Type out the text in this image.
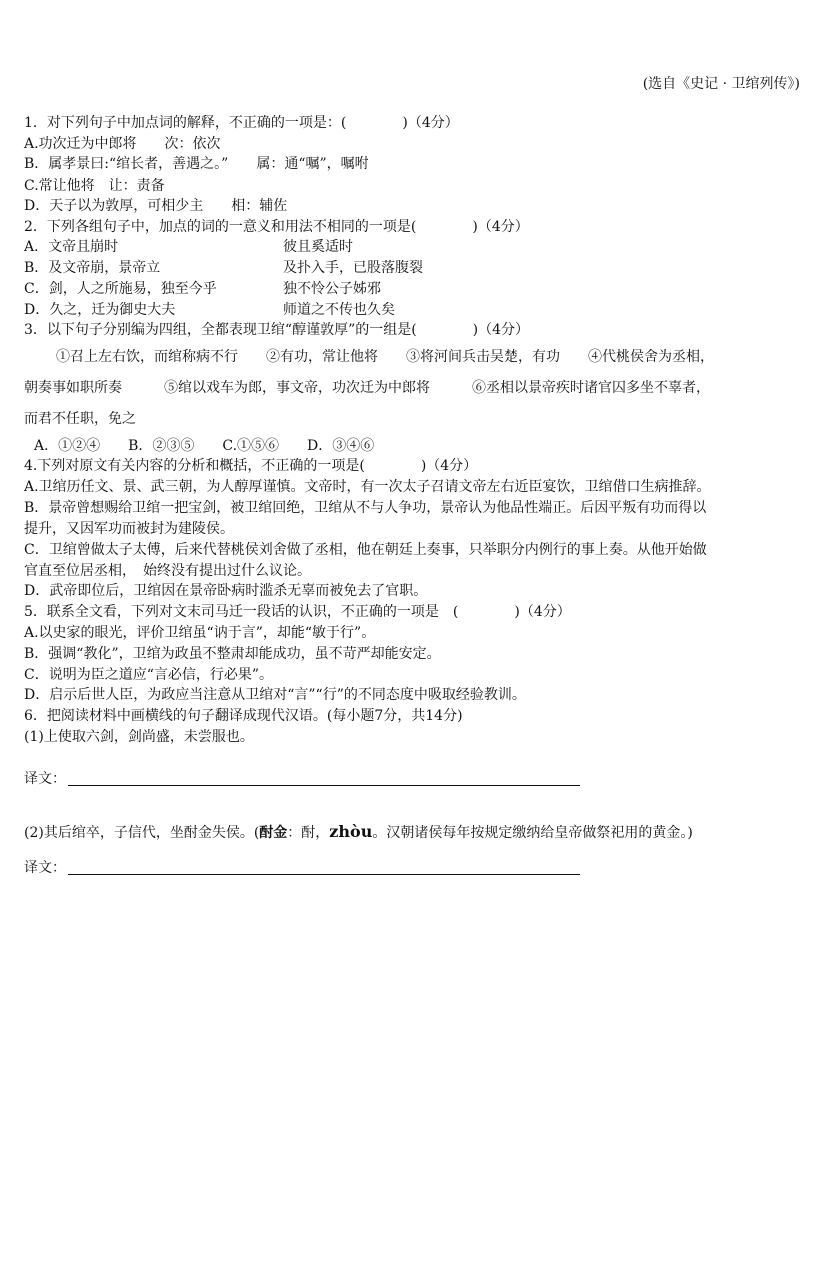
(选自《史记 · 卫绾列传》)
1．对下列句子中加点词的解释，不正确的一项是：(　　　　)（4分）
A.功次迁为中郎将　　次：依次
B．属孝景曰:“绾长者，善遇之。”　　属：通“嘱”，嘱咐
C.常让他将　让：责备
D．天子以为敦厚，可相少主　　相：辅佐
2．下列各组句子中，加点的词的一意义和用法不相同的一项是(　　　　)（4分）
A．文帝且崩时	彼且奚适时
B．及文帝崩，景帝立	及扑入手，已股落腹裂
C．剑，人之所施易，独至今乎	独不怜公子姊邪
D．久之，迁为御史大夫	师道之不传也久矣
3．以下句子分别编为四组，全都表现卫绾“醇谨敦厚”的一组是(　　　　)（4分）
①召上左右饮，而绾称病不行　　②有功，常让他将　　③将河间兵击吴楚，有功　　④代桃侯舍为丞相，
朝奏事如职所奏　　　⑤绾以戏车为郎，事文帝，功次迁为中郎将　　　⑥丞相以景帝疾时诸官囚多坐不辜者，
而君不任职，免之
A．①②④　　B．②③⑤　　C.①⑤⑥　　D．③④⑥
4.下列对原文有关内容的分析和概括，不正确的一项是(　　　　)（4分）
A.卫绾历任文、景、武三朝，为人醇厚谨慎。文帝时，有一次太子召请文帝左右近臣宴饮，卫绾借口生病推辞。
B．景帝曾想赐给卫绾一把宝剑，被卫绾回绝，卫绾从不与人争功，景帝认为他品性端正。后因平叛有功而得以
提升，又因军功而被封为建陵侯。
C．卫绾曾做太子太傅，后来代替桃侯刘舍做了丞相，他在朝廷上奏事，只举职分内例行的事上奏。从他开始做
官直至位居丞相，　始终没有提出过什么议论。
D．武帝即位后，卫绾因在景帝卧病时滥杀无辜而被免去了官职。
5．联系全文看，下列对文末司马迁一段话的认识，不正确的一项是　(　　　　)（4分）
A.以史家的眼光，评价卫绾虽“讷于言”，却能“敏于行”。
B．强调“教化”，卫绾为政虽不整肃却能成功，虽不苛严却能安定。
C．说明为臣之道应“言必信，行必果”。
D．启示后世人臣，为政应当注意从卫绾对“言”“行”的不同态度中吸取经验教训。
6．把阅读材料中画横线的句子翻译成现代汉语。(每小题7分，共14分)
(1)上使取六剑，剑尚盛，未尝服也。
译文：
(2)其后绾卒，子信代，坐酎金失侯。(酎金：酎，zhòu。汉朝诸侯每年按规定缴纳给皇帝做祭祀用的黄金。)
译文：
